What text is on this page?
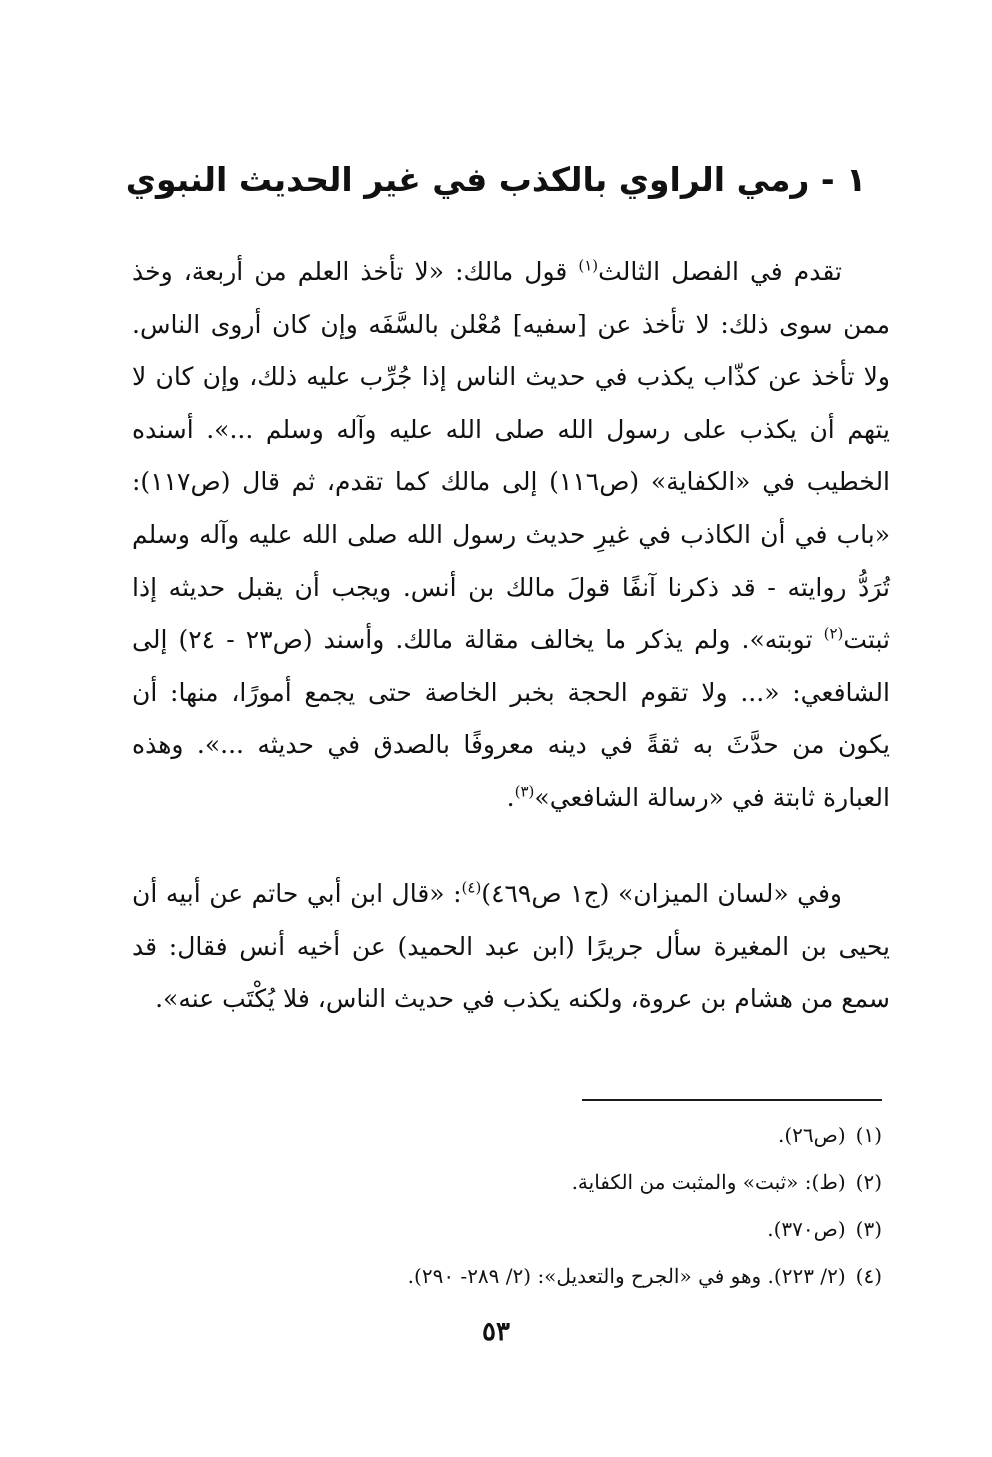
١ - رمي الراوي بالكذب في غير الحديث النبوي

تقدم في الفصل الثالث$^{(١)}$ قول مالك: «لا تأخذ العلم من أربعة، وخذ ممن سوى ذلك: لا تأخذ عن [سفيه] مُعْلن بالسَّفَه وإن كان أروى الناس. ولا تأخذ عن كذّاب يكذب في حديث الناس إذا جُرِّب عليه ذلك، وإن كان لا يتهم أن يكذب على رسول الله صلى الله عليه وآله وسلم ...». أسنده الخطيب في «الكفاية» (ص١١٦) إلى مالك كما تقدم، ثم قال (ص١١٧): «باب في أن الكاذب في غيرِ حديث رسول الله صلى الله عليه وآله وسلم تُرَدُّ روايته - قد ذكرنا آنفًا قولَ مالك بن أنس. ويجب أن يقبل حديثه إذا ثبتت$^{(٢)}$ توبته». ولم يذكر ما يخالف مقالة مالك. وأسند (ص٢٣ - ٢٤) إلى الشافعي: «... ولا تقوم الحجة بخبر الخاصة حتى يجمع أمورًا، منها: أن يكون من حدَّثَ به ثقةً في دينه معروفًا بالصدق في حديثه ...». وهذه العبارة ثابتة في «رسالة الشافعي»$^{(٣)}$.

وفي «لسان الميزان» (ج١ ص٤٦٩)$^{(٤)}$: «قال ابن أبي حاتم عن أبيه أن يحيى بن المغيرة سأل جريرًا (ابن عبد الحميد) عن أخيه أنس فقال: قد سمع من هشام بن عروة، ولكنه يكذب في حديث الناس، فلا يُكْتَب عنه».

(١)(ص٢٦).
(٢)(ط): «ثبت» والمثبت من الكفاية.
(٣)(ص٣٧٠).
(٤)(٢/ ٢٢٣). وهو في «الجرح والتعديل»: (٢/ ٢٨٩- ٢٩٠).
٥٣
